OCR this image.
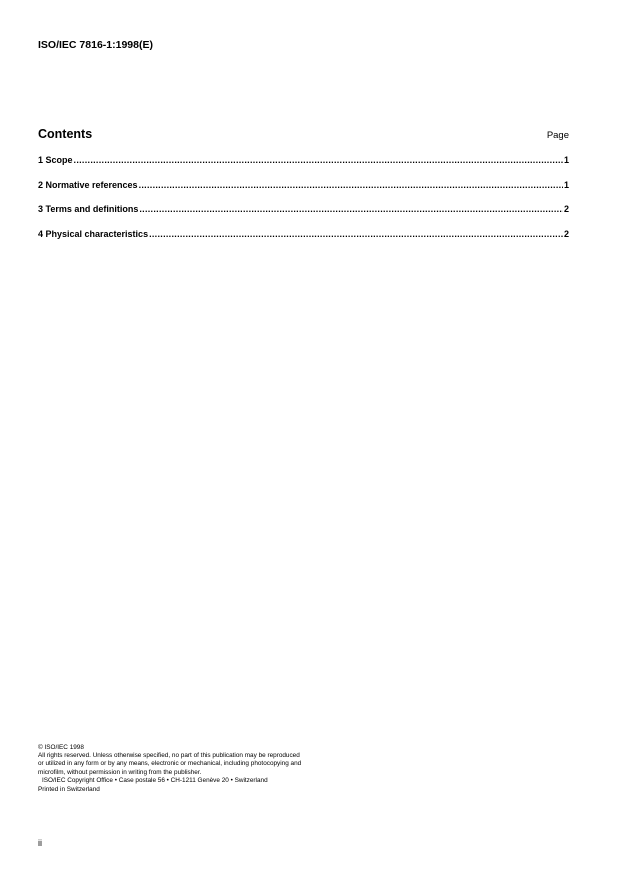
ISO/IEC 7816-1:1998(E)
Contents	Page
1 Scope .....	1
2 Normative references .....	1
3 Terms and definitions .....	2
4 Physical characteristics .....	2
© ISO/IEC 1998
All rights reserved. Unless otherwise specified, no part of this publication may be reproduced
or utilized in any form or by any means, electronic or mechanical, including photocopying and
microfilm, without permission in writing from the publisher.
ISO/IEC Copyright Office • Case postale 56 • CH-1211 Genève 20 • Switzerland
Printed in Switzerland
ii
